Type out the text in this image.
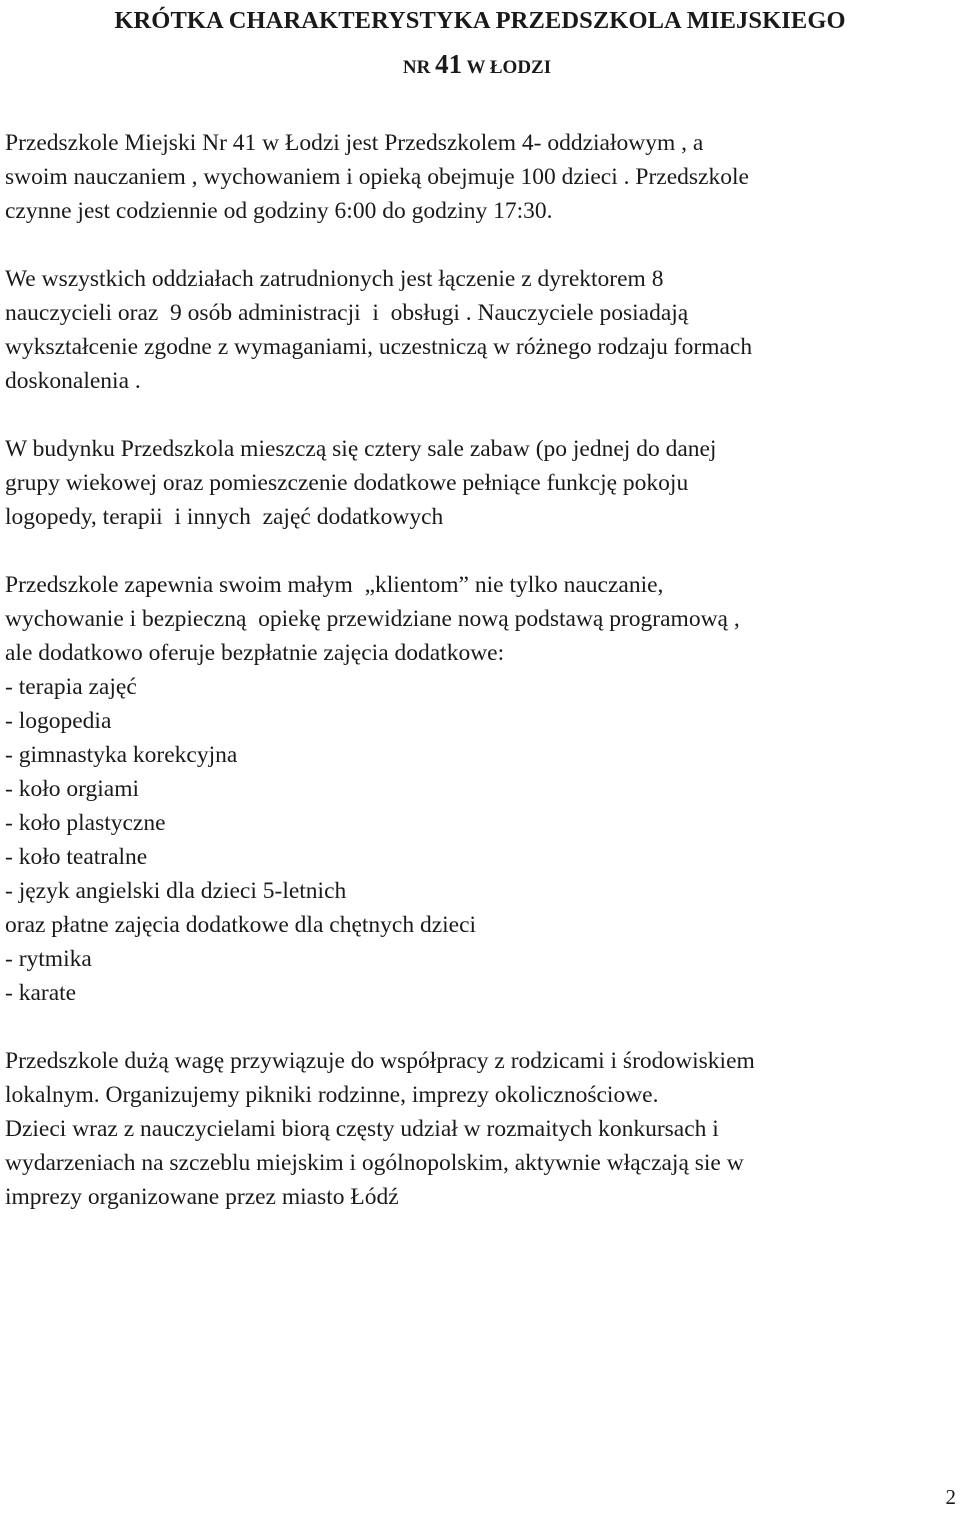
KRÓTKA CHARAKTERYSTYKA PRZEDSZKOLA MIEJSKIEGO
NR 41 W ŁODZI
Przedszkole Miejski Nr 41 w Łodzi jest Przedszkolem 4- oddziałowym , a
swoim nauczaniem , wychowaniem i opieką obejmuje 100 dzieci . Przedszkole
czynne jest codziennie od godziny 6:00 do godziny 17:30.
We wszystkich oddziałach zatrudnionych jest łączenie z dyrektorem 8
nauczycieli oraz  9 osób administracji  i  obsługi . Nauczyciele posiadają
wykształcenie zgodne z wymaganiami, uczestniczą w różnego rodzaju formach
doskonalenia .
W budynku Przedszkola mieszczą się cztery sale zabaw (po jednej do danej
grupy wiekowej oraz pomieszczenie dodatkowe pełniące funkcję pokoju
logopedy, terapii  i innych  zajęć dodatkowych
Przedszkole zapewnia swoim małym  „klientom” nie tylko nauczanie,
wychowanie i bezpieczną  opiekę przewidziane nową podstawą programową ,
ale dodatkowo oferuje bezpłatnie zajęcia dodatkowe:
- terapia zajęć
- logopedia
- gimnastyka korekcyjna
- koło orgiami
- koło plastyczne
- koło teatralne
- język angielski dla dzieci 5-letnich
oraz płatne zajęcia dodatkowe dla chętnych dzieci
- rytmika
- karate
Przedszkole dużą wagę przywiązuje do współpracy z rodzicami i środowiskiem
lokalnym. Organizujemy pikniki rodzinne, imprezy okolicznościowe.
Dzieci wraz z nauczycielami biorą częsty udział w rozmaitych konkursach i
wydarzeniach na szczeblu miejskim i ogólnopolskim, aktywnie włączają sie w
imprezy organizowane przez miasto Łódź
2
